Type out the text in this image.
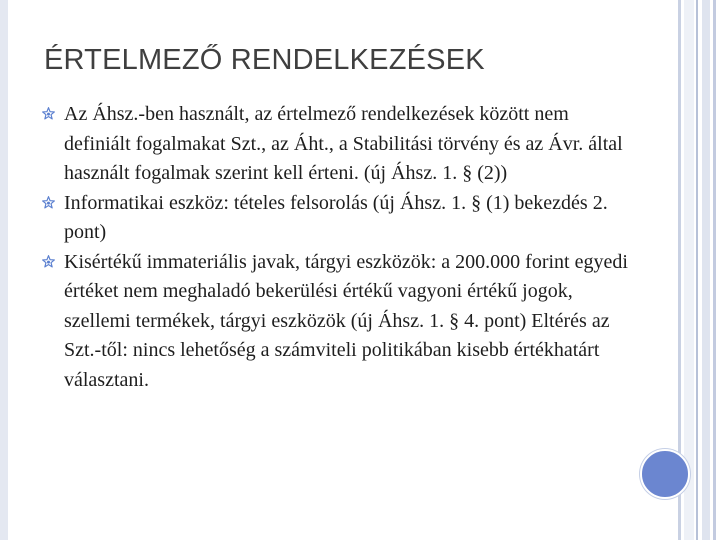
ÉRTELMEZŐ RENDELKEZÉSEK
Az Áhsz.-ben használt, az értelmező rendelkezések között nem definiált fogalmakat Szt., az Áht., a Stabilitási törvény és az Ávr. által használt fogalmak szerint kell érteni. (új Áhsz. 1. § (2))
Informatikai eszköz: tételes felsorolás (új Áhsz. 1. § (1) bekezdés 2. pont)
Kisértékű immateriális javak, tárgyi eszközök: a 200.000 forint egyedi értéket nem meghaladó bekerülési értékű vagyoni értékű jogok, szellemi termékek, tárgyi eszközök (új Áhsz. 1. § 4. pont) Eltérés az Szt.-től: nincs lehetőség a számviteli politikában kisebb értékhatárt választani.
